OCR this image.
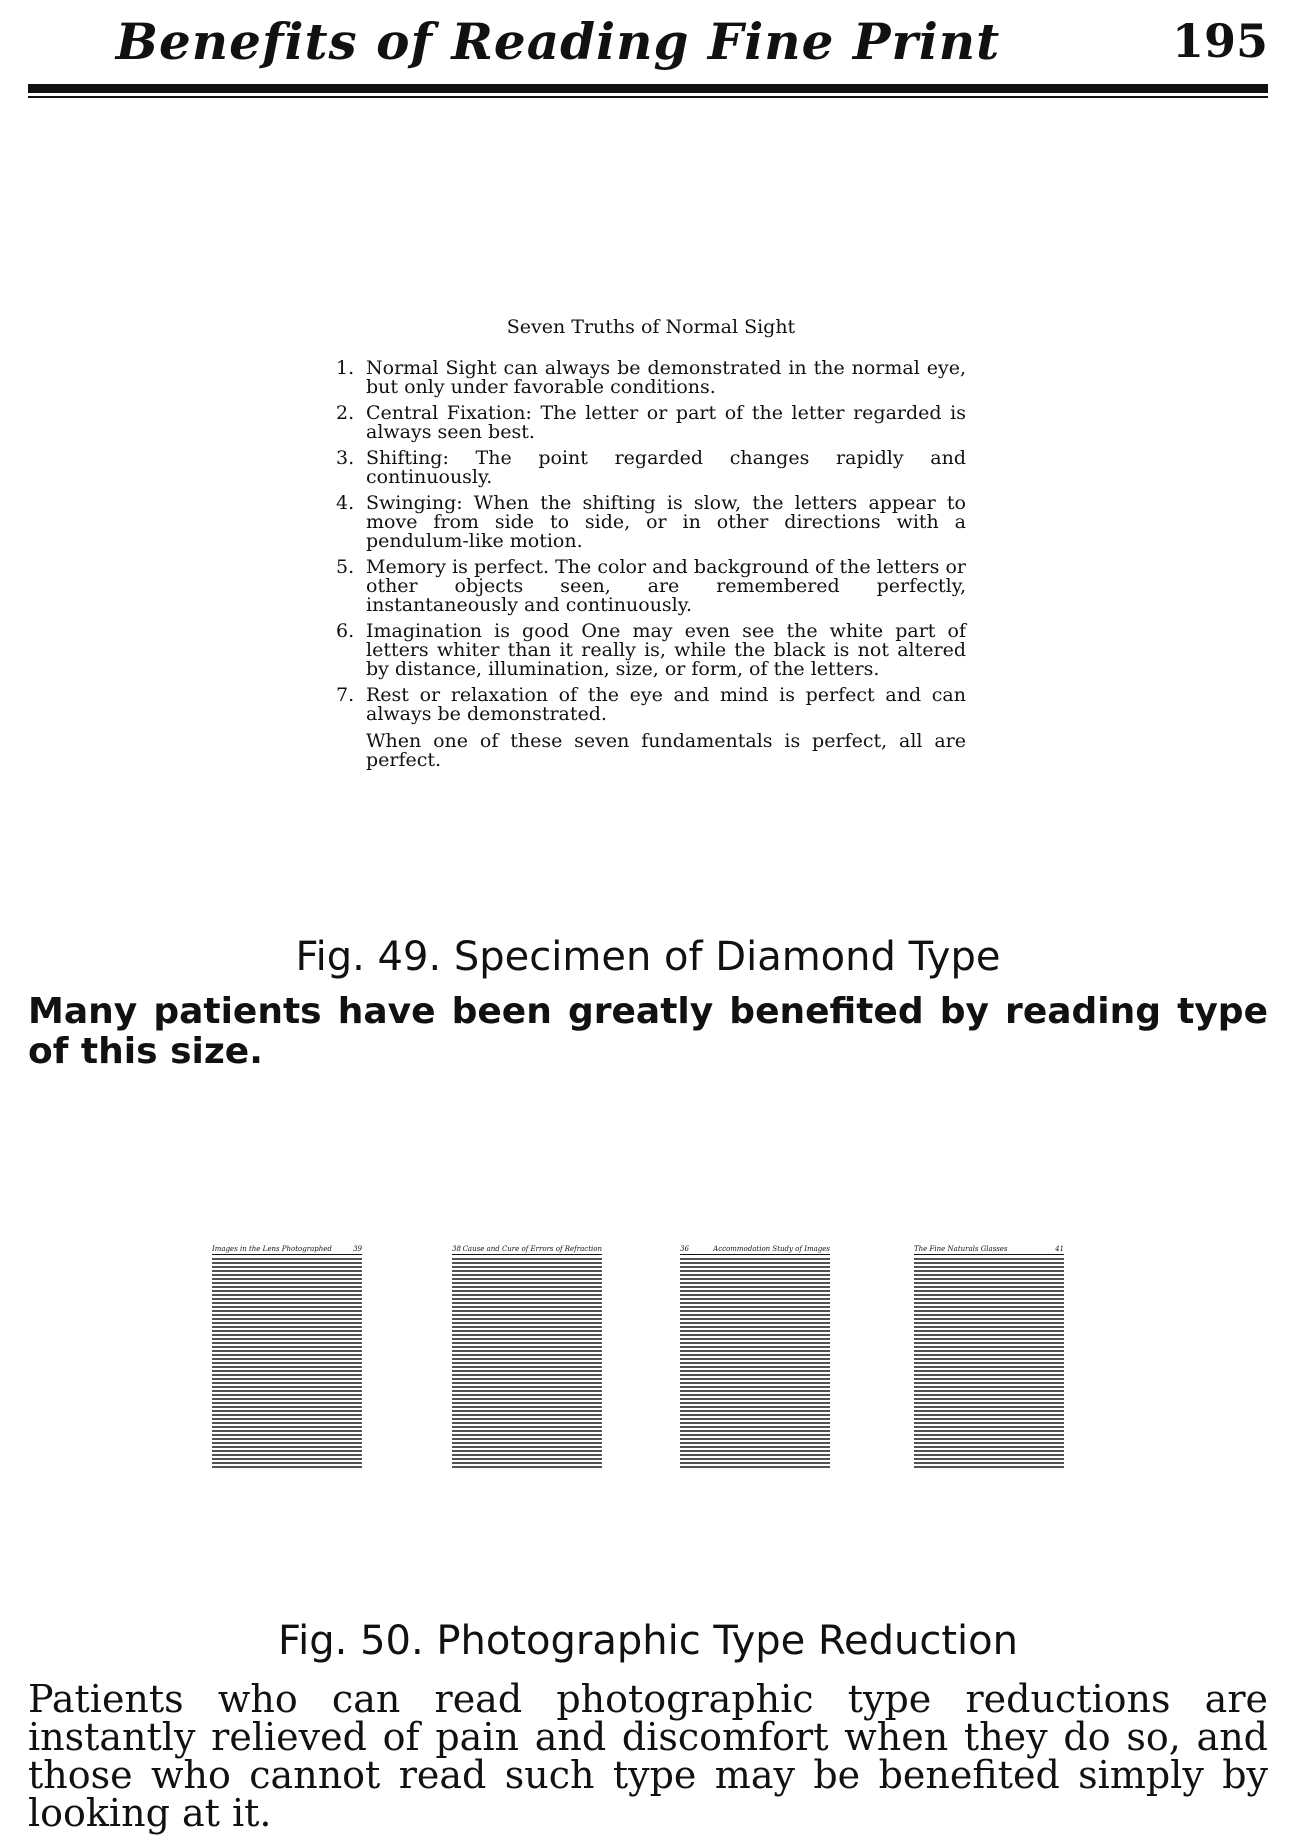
Benefits of Reading Fine Print	195
Seven Truths of Normal Sight
1. Normal Sight can always be demonstrated in the normal eye, but only under favorable conditions.
2. Central Fixation: The letter or part of the letter regarded is always seen best.
3. Shifting: The point regarded changes rapidly and continuously.
4. Swinging: When the shifting is slow, the letters appear to move from side to side, or in other directions with a pendulum-like motion.
5. Memory is perfect. The color and background of the letters or other objects seen, are remembered perfectly, instantaneously and continuously.
6. Imagination is good One may even see the white part of letters whiter than it really is, while the black is not altered by distance, illumination, size, or form, of the letters.
7. Rest or relaxation of the eye and mind is perfect and can always be demonstrated.
When one of these seven fundamentals is perfect, all are perfect.
Fig. 49. Specimen of Diamond Type
Many patients have been greatly benefited by reading type of this size.
Images in the Lens Photographed	39	38 Cause and Cure of Errors of Refraction	36	Accommodation Study of Images	The Fine Naturals Glasses	41
Fig. 50. Photographic Type Reduction
Patients who can read photographic type reductions are instantly relieved of pain and discomfort when they do so, and those who cannot read such type may be benefited simply by looking at it.
